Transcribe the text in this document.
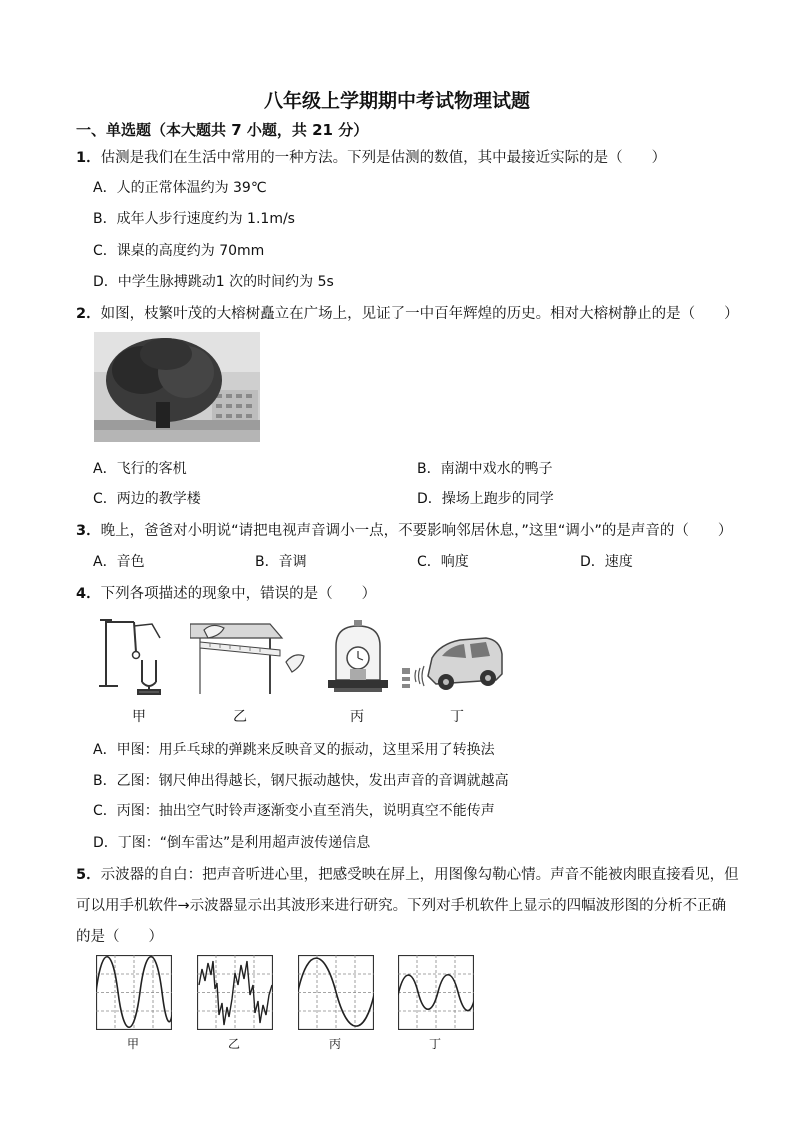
八年级上学期期中考试物理试题
一、单选题（本大题共 7 小题，共 21 分）
1．估测是我们在生活中常用的一种方法。下列是估测的数值，其中最接近实际的是（　　）
A．人的正常体温约为 39℃
B．成年人步行速度约为 1.1m/s
C．课桌的高度约为 70mm
D．中学生脉搏跳动1 次的时间约为 5s
2．如图，枝繁叶茂的大榕树矗立在广场上，见证了一中百年辉煌的历史。相对大榕树静止的是（　　）
A．飞行的客机	B．南湖中戏水的鸭子
C．两边的教学楼	D．操场上跑步的同学
3．晚上，爸爸对小明说“请把电视声音调小一点，不要影响邻居休息，”这里“调小”的是声音的（　　）
A．音色	B．音调	C．响度	D．速度
4．下列各项描述的现象中，错误的是（　　）
甲	乙	丙	丁
A．甲图：用乒乓球的弹跳来反映音叉的振动，这里采用了转换法
B．乙图：钢尺伸出得越长，钢尺振动越快，发出声音的音调就越高
C．丙图：抽出空气时铃声逐渐变小直至消失，说明真空不能传声
D．丁图：“倒车雷达”是利用超声波传递信息
5．示波器的自白：把声音听进心里，把感受映在屏上，用图像勾勒心情。声音不能被肉眼直接看见，但
可以用手机软件→示波器显示出其波形来进行研究。下列对手机软件上显示的四幅波形图的分析不正确
的是（　　）
甲	乙	丙	丁
